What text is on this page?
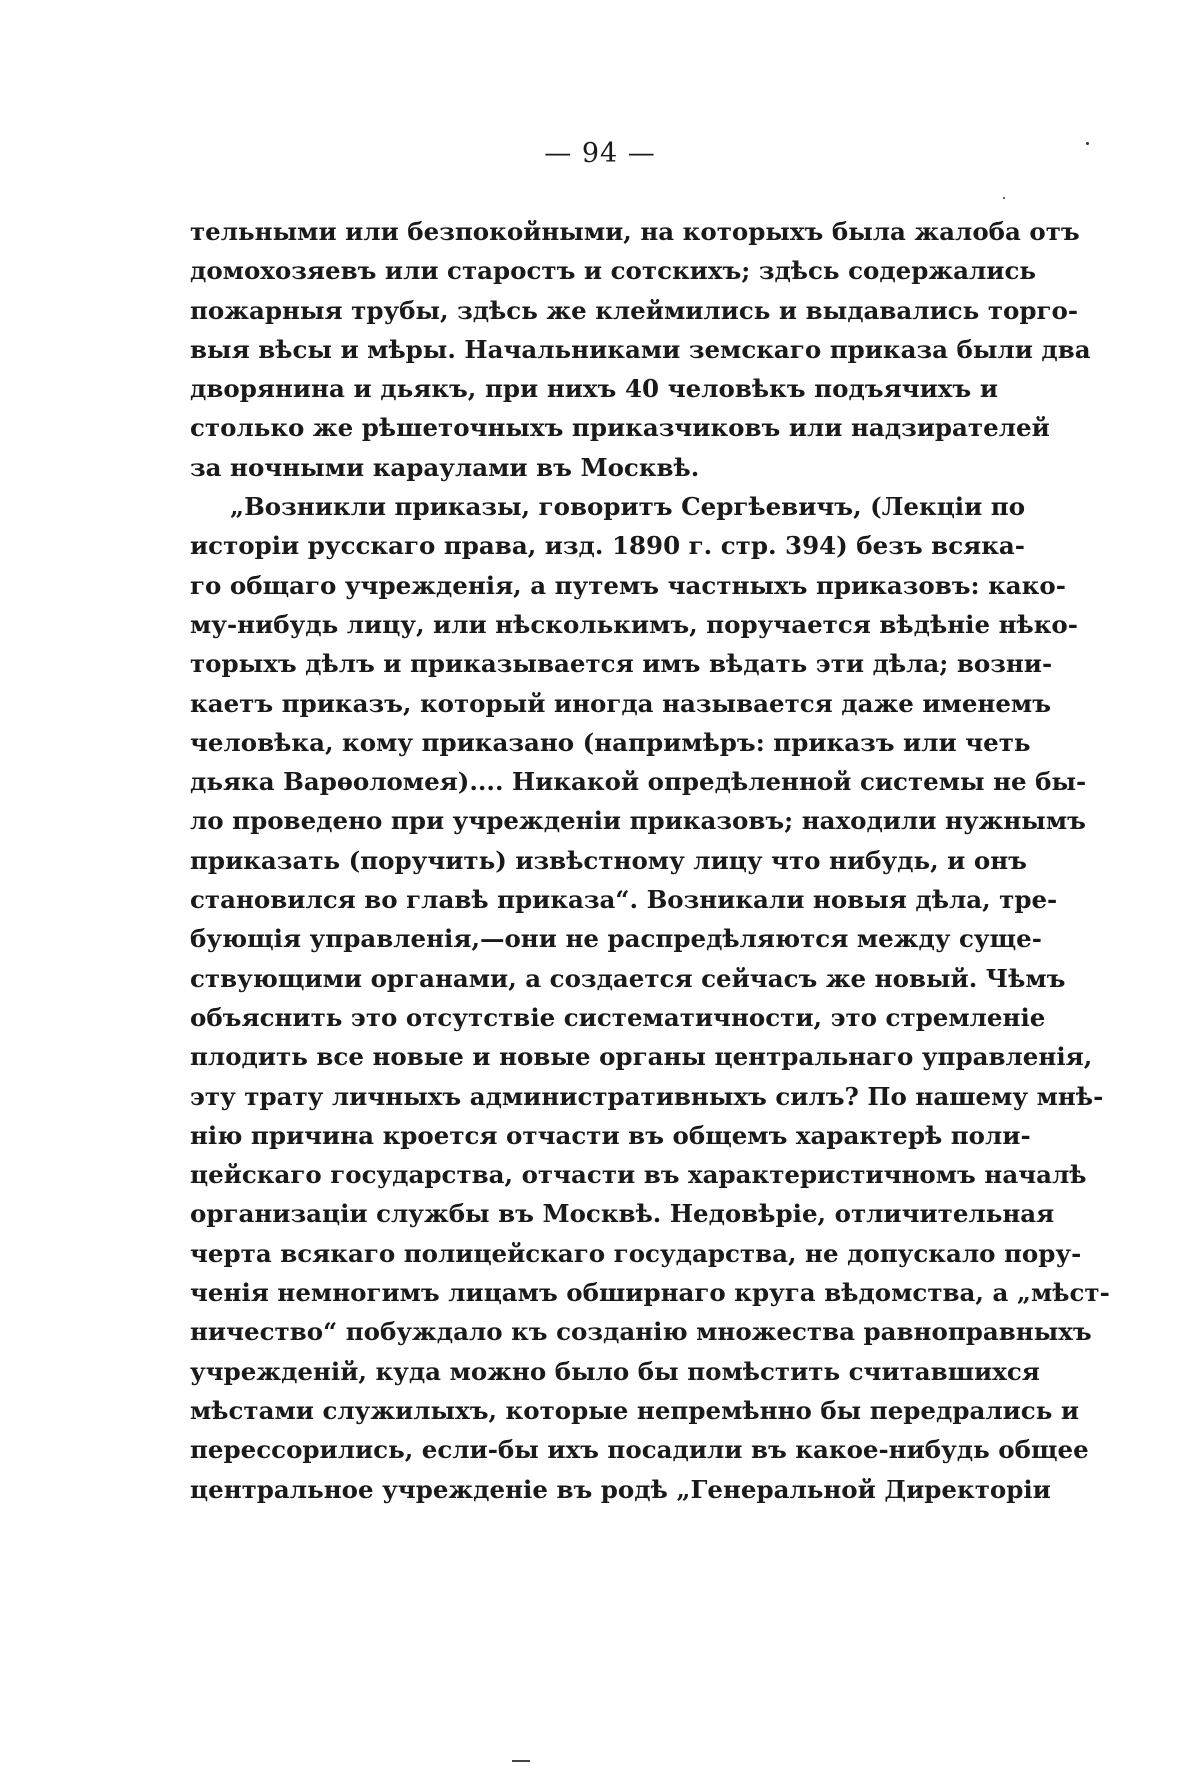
— 94 —
тельными или безпокойными, на которыхъ была жалоба отъ
домохозяевъ или старостъ и сотскихъ; здѣсь содержались
пожарныя трубы, здѣсь же клеймились и выдавались торго-
выя вѣсы и мѣры. Начальниками земскаго приказа были два
дворянина и дьякъ, при нихъ 40 человѣкъ подъячихъ и
столько же рѣшеточныхъ приказчиковъ или надзирателей
за ночными караулами въ Москвѣ.
„Возникли приказы, говоритъ Сергѣевичъ, (Лекціи по
исторіи русскаго права, изд. 1890 г. стр. 394) безъ всяка-
го общаго учрежденія, а путемъ частныхъ приказовъ: како-
му-нибудь лицу, или нѣсколькимъ, поручается вѣдѣніе нѣко-
торыхъ дѣлъ и приказывается имъ вѣдать эти дѣла; возни-
каетъ приказъ, который иногда называется даже именемъ
человѣка, кому приказано (напримѣръ: приказъ или четь
дьяка Варѳоломея).... Никакой опредѣленной системы не бы-
ло проведено при учрежденіи приказовъ; находили нужнымъ
приказать (поручить) извѣстному лицу что нибудь, и онъ
становился во главѣ приказа“. Возникали новыя дѣла, тре-
бующія управленія,—они не распредѣляются между суще-
ствующими органами, а создается сейчасъ же новый. Чѣмъ
объяснить это отсутствіе систематичности, это стремленіе
плодить все новые и новые органы центральнаго управленія,
эту трату личныхъ административныхъ силъ? По нашему мнѣ-
нію причина кроется отчасти въ общемъ характерѣ поли-
цейскаго государства, отчасти въ характеристичномъ началѣ
организаціи службы въ Москвѣ. Недовѣріе, отличительная
черта всякаго полицейскаго государства, не допускало пору-
ченія немногимъ лицамъ обширнаго круга вѣдомства, а „мѣст-
ничество“ побуждало къ созданію множества равноправныхъ
учрежденій, куда можно было бы помѣстить считавшихся
мѣстами служилыхъ, которые непремѣнно бы передрались и
перессорились, если-бы ихъ посадили въ какое-нибудь общее
центральное учрежденіе въ родѣ „Генеральной Директоріи
